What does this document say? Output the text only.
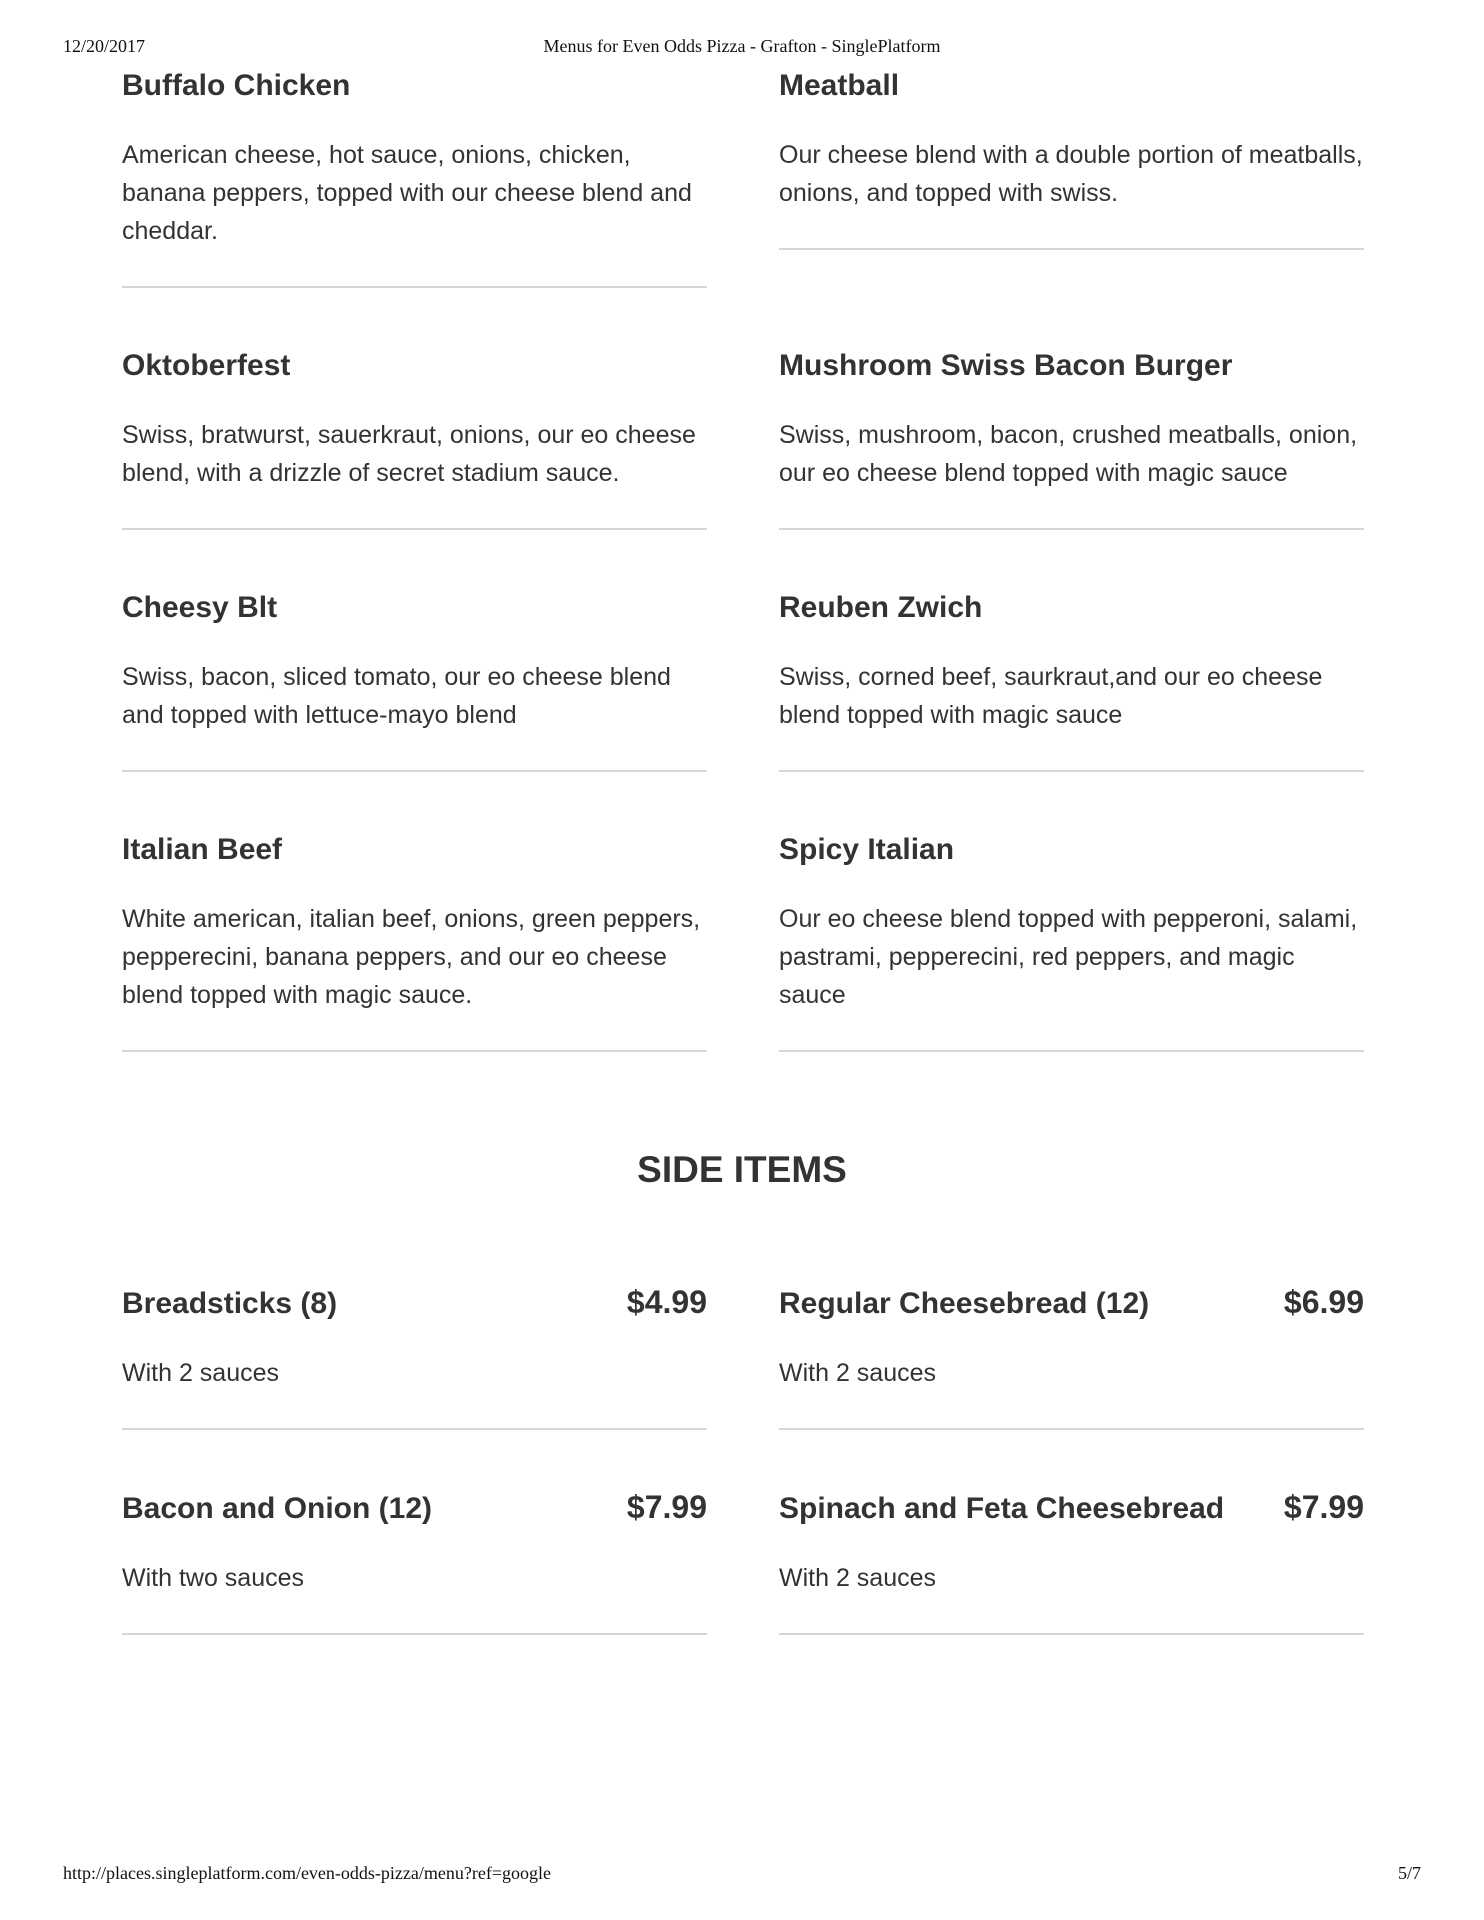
12/20/2017	Menus for Even Odds Pizza - Grafton - SinglePlatform
Buffalo Chicken

American cheese, hot sauce, onions, chicken, banana peppers, topped with our cheese blend and cheddar.

Meatball

Our cheese blend with a double portion of meatballs, onions, and topped with swiss.

Oktoberfest

Swiss, bratwurst, sauerkraut, onions, our eo cheese blend, with a drizzle of secret stadium sauce.

Mushroom Swiss Bacon Burger

Swiss, mushroom, bacon, crushed meatballs, onion, our eo cheese blend topped with magic sauce

Cheesy Blt

Swiss, bacon, sliced tomato, our eo cheese blend and topped with lettuce-mayo blend

Reuben Zwich

Swiss, corned beef, saurkraut,and our eo cheese blend topped with magic sauce

Italian Beef

White american, italian beef, onions, green peppers, pepperecini, banana peppers, and our eo cheese blend topped with magic sauce.

Spicy Italian

Our eo cheese blend topped with pepperoni, salami, pastrami, pepperecini, red peppers, and magic sauce

SIDE ITEMS
Breadsticks (8)	$4.99

With 2 sauces

Regular Cheesebread (12)	$6.99

With 2 sauces

Bacon and Onion (12)	$7.99

With two sauces

Spinach and Feta Cheesebread $7.99

With 2 sauces

http://places.singleplatform.com/even-odds-pizza/menu?ref=google	5/7
